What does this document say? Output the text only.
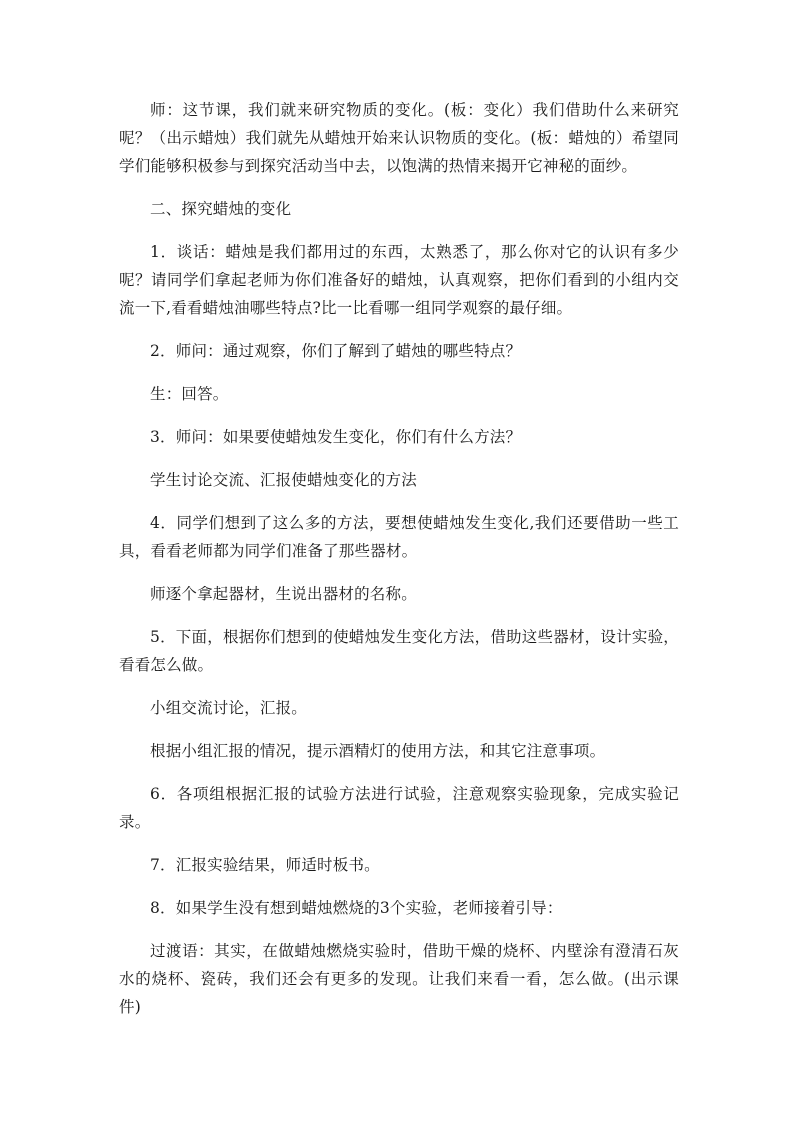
师：这节课，我们就来研究物质的变化。(板：变化）我们借助什么来研究呢？（出示蜡烛）我们就先从蜡烛开始来认识物质的变化。(板：蜡烛的）希望同学们能够积极参与到探究活动当中去，以饱满的热情来揭开它神秘的面纱。

二、探究蜡烛的变化

1．谈话：蜡烛是我们都用过的东西，太熟悉了，那么你对它的认识有多少呢？请同学们拿起老师为你们准备好的蜡烛，认真观察，把你们看到的小组内交流一下,看看蜡烛油哪些特点?比一比看哪一组同学观察的最仔细。

2．师问：通过观察，你们了解到了蜡烛的哪些特点？

生：回答。

3．师问：如果要使蜡烛发生变化，你们有什么方法？

学生讨论交流、汇报使蜡烛变化的方法

4．同学们想到了这么多的方法，要想使蜡烛发生变化,我们还要借助一些工具，看看老师都为同学们准备了那些器材。

师逐个拿起器材，生说出器材的名称。

5．下面，根据你们想到的使蜡烛发生变化方法，借助这些器材，设计实验，看看怎么做。

小组交流讨论，汇报。

根据小组汇报的情况，提示酒精灯的使用方法，和其它注意事项。

6．各项组根据汇报的试验方法进行试验，注意观察实验现象，完成实验记录。

7．汇报实验结果，师适时板书。

8．如果学生没有想到蜡烛燃烧的3个实验，老师接着引导：

过渡语：其实，在做蜡烛燃烧实验时，借助干燥的烧杯、内壁涂有澄清石灰水的烧杯、瓷砖，我们还会有更多的发现。让我们来看一看，怎么做。(出示课件)
